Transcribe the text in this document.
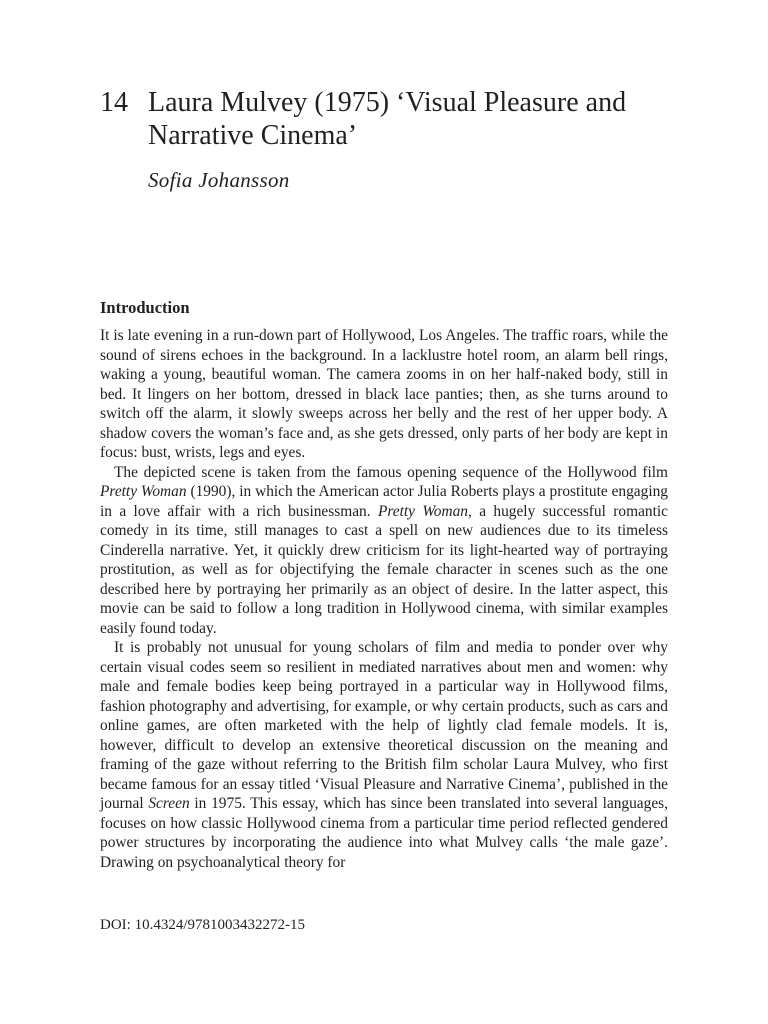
14 Laura Mulvey (1975) ‘Visual Pleasure and Narrative Cinema’
Sofia Johansson
Introduction

It is late evening in a run-down part of Hollywood, Los Angeles. The traffic roars, while the sound of sirens echoes in the background. In a lacklustre hotel room, an alarm bell rings, waking a young, beautiful woman. The camera zooms in on her half-naked body, still in bed. It lingers on her bottom, dressed in black lace panties; then, as she turns around to switch off the alarm, it slowly sweeps across her belly and the rest of her upper body. A shadow covers the woman’s face and, as she gets dressed, only parts of her body are kept in focus: bust, wrists, legs and eyes.

The depicted scene is taken from the famous opening sequence of the Hollywood film Pretty Woman (1990), in which the American actor Julia Roberts plays a prostitute engaging in a love affair with a rich businessman. Pretty Woman, a hugely successful romantic comedy in its time, still manages to cast a spell on new audiences due to its timeless Cinderella narrative. Yet, it quickly drew criticism for its light-hearted way of portraying prostitution, as well as for objectifying the female character in scenes such as the one described here by portraying her primarily as an object of desire. In the latter aspect, this movie can be said to follow a long tradition in Hollywood cinema, with similar examples easily found today.

It is probably not unusual for young scholars of film and media to ponder over why certain visual codes seem so resilient in mediated narratives about men and women: why male and female bodies keep being portrayed in a particular way in Hollywood films, fashion photography and advertising, for example, or why certain products, such as cars and online games, are often marketed with the help of lightly clad female models. It is, however, difficult to develop an extensive theoretical discussion on the meaning and framing of the gaze without referring to the British film scholar Laura Mulvey, who first became famous for an essay titled ‘Visual Pleasure and Narrative Cinema’, published in the journal Screen in 1975. This essay, which has since been translated into several languages, focuses on how classic Hollywood cinema from a particular time period reflected gendered power structures by incorporating the audience into what Mulvey calls ‘the male gaze’. Drawing on psychoanalytical theory for

DOI: 10.4324/9781003432272-15
